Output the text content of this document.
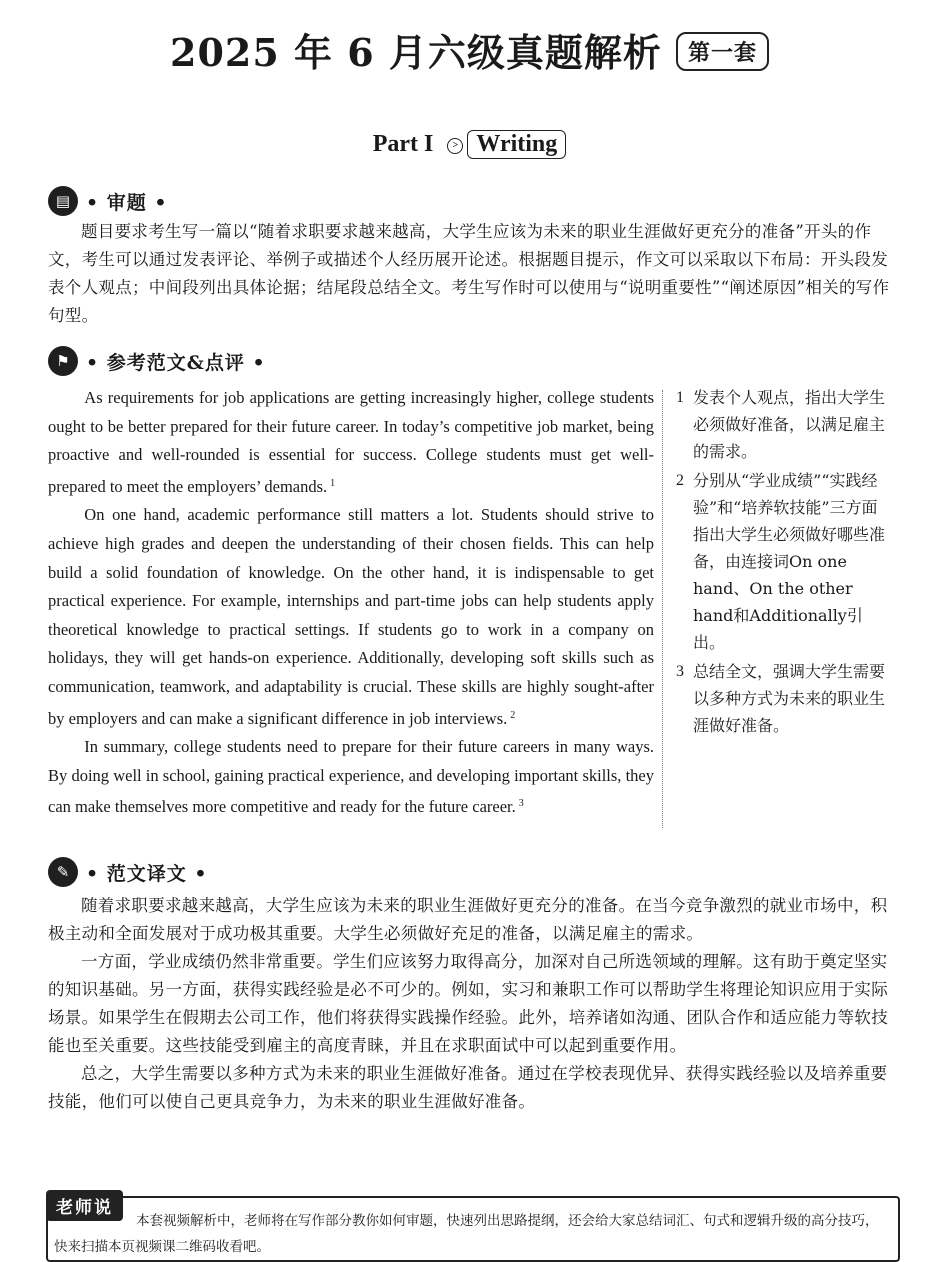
2025 年 6 月六级真题解析 第一套
Part I > Writing
▤ • 审题 •

题目要求考生写一篇以“随着求职要求越来越高，大学生应该为未来的职业生涯做好更充分的准备”开头的作文，考生可以通过发表评论、举例子或描述个人经历展开论述。根据题目提示，作文可以采取以下布局：开头段发表个人观点；中间段列出具体论据；结尾段总结全文。考生写作时可以使用与“说明重要性”“阐述原因”相关的写作句型。

⚑ • 参考范文&点评 •

As requirements for job applications are getting increasingly higher, college students ought to be better prepared for their future career. In today’s competitive job market, being proactive and well-rounded is essential for success. College students must get well-prepared to meet the employers’ demands. $^1$

On one hand, academic performance still matters a lot. Students should strive to achieve high grades and deepen the understanding of their chosen fields. This can help build a solid foundation of knowledge. On the other hand, it is indispensable to get practical experience. For example, internships and part-time jobs can help students apply theoretical knowledge to practical settings. If students go to work in a company on holidays, they will get hands-on experience. Additionally, developing soft skills such as communication, teamwork, and adaptability is crucial. These skills are highly sought-after by employers and can make a significant difference in job interviews. $^2$

In summary, college students need to prepare for their future careers in many ways. By doing well in school, gaining practical experience, and developing important skills, they can make themselves more competitive and ready for the future career. $^3$

1 发表个人观点，指出大学生必须做好准备，以满足雇主的需求。
2 分别从“学业成绩”“实践经验”和“培养软技能”三方面指出大学生必须做好哪些准备，由连接词On one hand、On the other hand和Additionally引出。
3 总结全文，强调大学生需要以多种方式为未来的职业生涯做好准备。
✎ • 范文译文 •

随着求职要求越来越高，大学生应该为未来的职业生涯做好更充分的准备。在当今竞争激烈的就业市场中，积极主动和全面发展对于成功极其重要。大学生必须做好充足的准备，以满足雇主的需求。

一方面，学业成绩仍然非常重要。学生们应该努力取得高分，加深对自己所选领域的理解。这有助于奠定坚实的知识基础。另一方面，获得实践经验是必不可少的。例如，实习和兼职工作可以帮助学生将理论知识应用于实际场景。如果学生在假期去公司工作，他们将获得实践操作经验。此外，培养诸如沟通、团队合作和适应能力等软技能也至关重要。这些技能受到雇主的高度青睐，并且在求职面试中可以起到重要作用。

总之，大学生需要以多种方式为未来的职业生涯做好准备。通过在学校表现优异、获得实践经验以及培养重要技能，他们可以使自己更具竞争力，为未来的职业生涯做好准备。

老师说
本套视频解析中，老师将在写作部分教你如何审题，快速列出思路提纲，还会给大家总结词汇、句式和逻辑升级的高分技巧，快来扫描本页视频课二维码收看吧。
